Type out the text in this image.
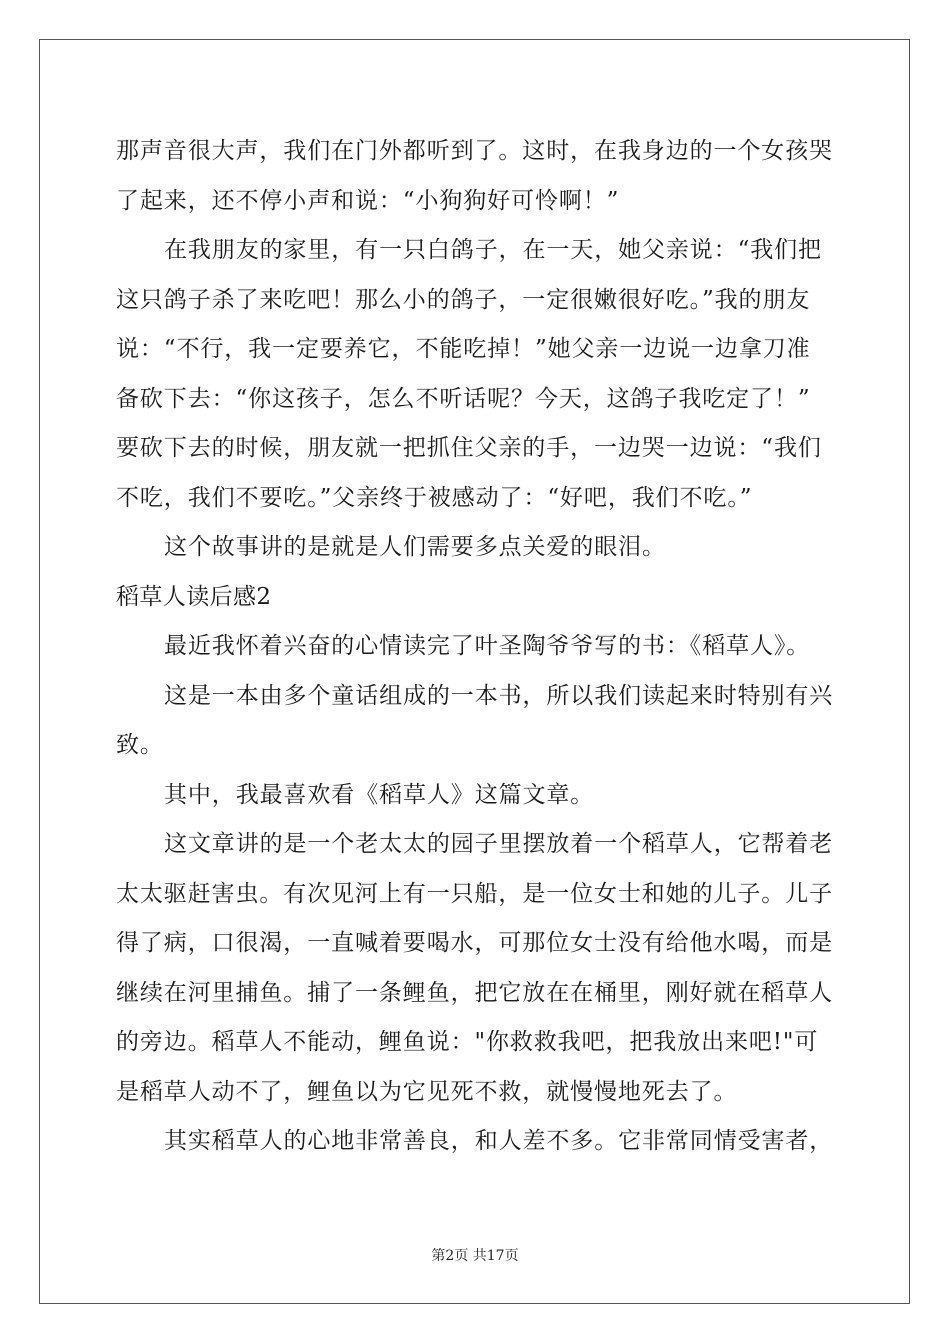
那声音很大声，我们在门外都听到了。这时，在我身边的一个女孩哭
了起来，还不停小声和说：“小狗狗好可怜啊！”
在我朋友的家里，有一只白鸽子，在一天，她父亲说：“我们把
这只鸽子杀了来吃吧！那么小的鸽子，一定很嫩很好吃。”我的朋友
说：“不行，我一定要养它，不能吃掉！”她父亲一边说一边拿刀准
备砍下去：“你这孩子，怎么不听话呢？今天，这鸽子我吃定了！”
要砍下去的时候，朋友就一把抓住父亲的手，一边哭一边说：“我们
不吃，我们不要吃。”父亲终于被感动了：“好吧，我们不吃。”
这个故事讲的是就是人们需要多点关爱的眼泪。
稻草人读后感2
最近我怀着兴奋的心情读完了叶圣陶爷爷写的书：《稻草人》。
这是一本由多个童话组成的一本书，所以我们读起来时特别有兴
致。
其中，我最喜欢看《稻草人》这篇文章。
这文章讲的是一个老太太的园子里摆放着一个稻草人，它帮着老
太太驱赶害虫。有次见河上有一只船，是一位女士和她的儿子。儿子
得了病，口很渴，一直喊着要喝水，可那位女士没有给他水喝，而是
继续在河里捕鱼。捕了一条鲤鱼，把它放在在桶里，刚好就在稻草人
的旁边。稻草人不能动，鲤鱼说："你救救我吧，把我放出来吧!"可
是稻草人动不了，鲤鱼以为它见死不救，就慢慢地死去了。
其实稻草人的心地非常善良，和人差不多。它非常同情受害者，
第2页 共17页
